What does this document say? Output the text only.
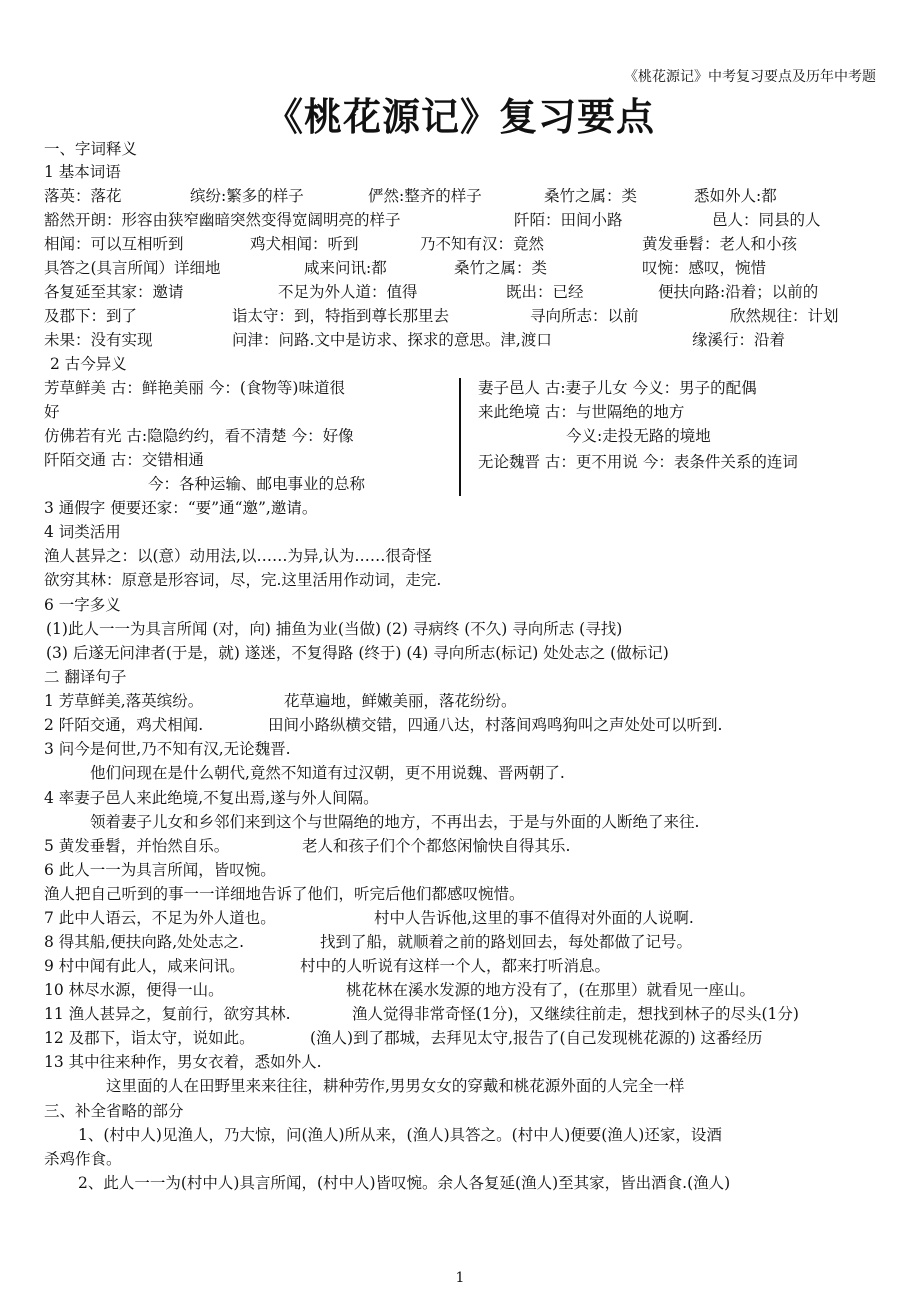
《桃花源记》中考复习要点及历年中考题
《桃花源记》复习要点
一、字词释义
1 基本词语
落英：落花	缤纷:繁多的样子	俨然:整齐的样子	桑竹之属：类	悉如外人:都
豁然开朗：形容由狭窄幽暗突然变得宽阔明亮的样子	阡陌：田间小路	邑人：同县的人
相闻：可以互相听到	鸡犬相闻：听到	乃不知有汉：竟然	黄发垂髫：老人和小孩
具答之(具言所闻）详细地	咸来问讯:都	桑竹之属：类	叹惋：感叹，惋惜
各复延至其家：邀请	不足为外人道：值得	既出：已经	便扶向路:沿着；以前的
及郡下：到了	诣太守：到，特指到尊长那里去	寻向所志：以前	欣然规往：计划
未果：没有实现	问津：问路.文中是访求、探求的意思。津,渡口	缘溪行：沿着
2 古今异义
芳草鲜美 古：鲜艳美丽 今：(食物等)味道很
好
仿佛若有光 古:隐隐约约，看不清楚 今：好像
阡陌交通 古：交错相通
今：各种运输、邮电事业的总称
妻子邑人 古:妻子儿女 今义：男子的配偶
来此绝境 古：与世隔绝的地方
今义:走投无路的境地
无论魏晋 古：更不用说 今：表条件关系的连词
3 通假字 便要还家：“要”通“邀”,邀请。
4 词类活用
渔人甚异之：以(意）动用法,以……为异,认为……很奇怪
欲穷其林：原意是形容词，尽，完.这里活用作动词，走完.
6 一字多义
(1)此人一一为具言所闻 (对，向) 捕鱼为业(当做) (2) 寻病终 (不久) 寻向所志 (寻找)
(3) 后遂无问津者(于是，就) 遂迷，不复得路 (终于) (4) 寻向所志(标记) 处处志之 (做标记)
二 翻译句子
1 芳草鲜美,落英缤纷。	花草遍地，鲜嫩美丽，落花纷纷。
2 阡陌交通，鸡犬相闻.	田间小路纵横交错，四通八达，村落间鸡鸣狗叫之声处处可以听到.
3 问今是何世,乃不知有汉,无论魏晋.
他们问现在是什么朝代,竟然不知道有过汉朝，更不用说魏、晋两朝了.
4 率妻子邑人来此绝境,不复出焉,遂与外人间隔。
领着妻子儿女和乡邻们来到这个与世隔绝的地方，不再出去，于是与外面的人断绝了来往.
5 黄发垂髫，并怡然自乐。	老人和孩子们个个都悠闲愉快自得其乐.
6 此人一一为具言所闻，皆叹惋。
渔人把自己听到的事一一详细地告诉了他们，听完后他们都感叹惋惜。
7 此中人语云，不足为外人道也。	村中人告诉他,这里的事不值得对外面的人说啊.
8 得其船,便扶向路,处处志之.	找到了船，就顺着之前的路划回去，每处都做了记号。
9 村中闻有此人，咸来问讯。	村中的人听说有这样一个人，都来打听消息。
10 林尽水源，便得一山。	桃花林在溪水发源的地方没有了，(在那里）就看见一座山。
11 渔人甚异之，复前行，欲穷其林.	渔人觉得非常奇怪(1分)，又继续往前走，想找到林子的尽头(1分)
12 及郡下，诣太守，说如此。	(渔人)到了郡城，去拜见太守,报告了(自己发现桃花源的) 这番经历
13 其中往来种作，男女衣着，悉如外人.
这里面的人在田野里来来往往，耕种劳作,男男女女的穿戴和桃花源外面的人完全一样
三、补全省略的部分
1、(村中人)见渔人，乃大惊，问(渔人)所从来，(渔人)具答之。(村中人)便要(渔人)还家，设酒
杀鸡作食。
2、此人一一为(村中人)具言所闻，(村中人)皆叹惋。余人各复延(渔人)至其家，皆出酒食.(渔人)
1
